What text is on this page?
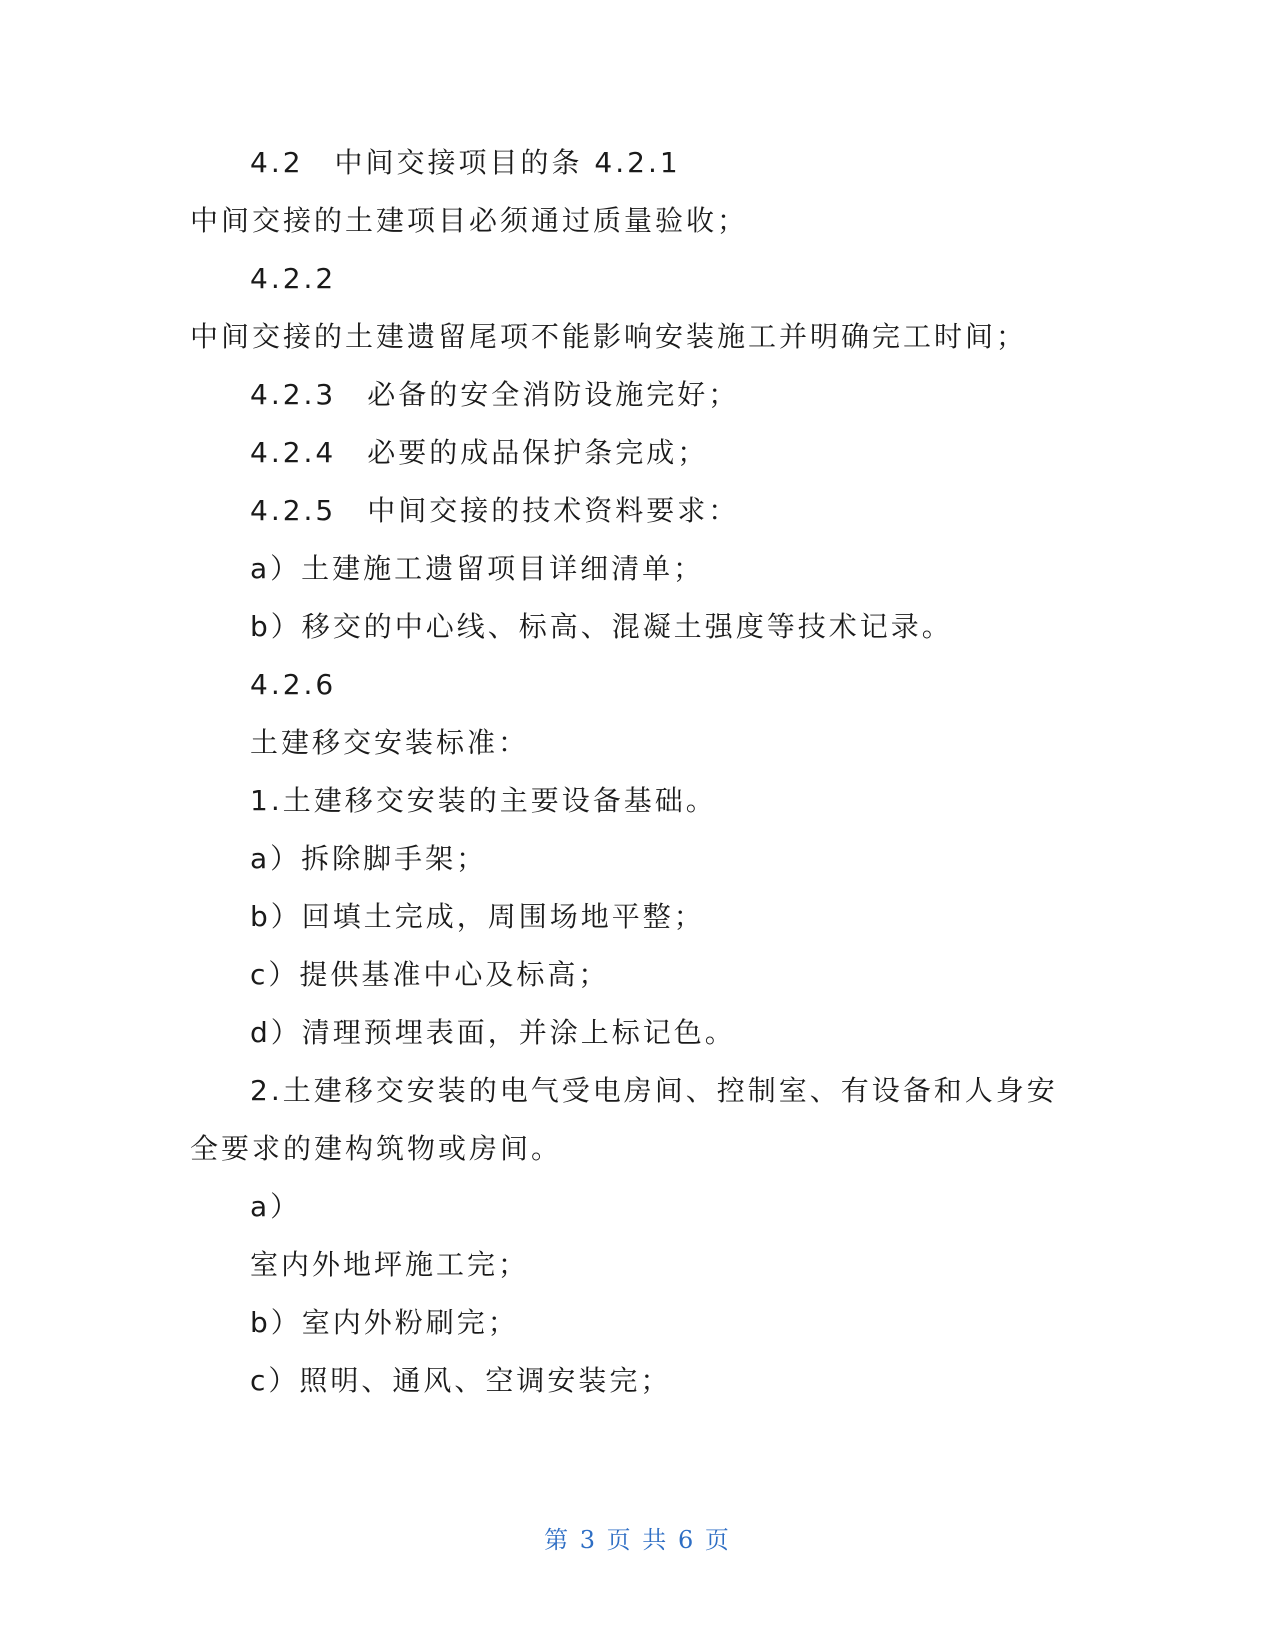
4.2　中间交接项目的条 4.2.1
中间交接的土建项目必须通过质量验收；
4.2.2
中间交接的土建遗留尾项不能影响安装施工并明确完工时间；
4.2.3　必备的安全消防设施完好；
4.2.4　必要的成品保护条完成；
4.2.5　中间交接的技术资料要求：
a）土建施工遗留项目详细清单；
b）移交的中心线、标高、混凝土强度等技术记录。
4.2.6
土建移交安装标准：
1.土建移交安装的主要设备基础。
a）拆除脚手架；
b）回填土完成，周围场地平整；
c）提供基准中心及标高；
d）清理预埋表面，并涂上标记色。
2.土建移交安装的电气受电房间、控制室、有设备和人身安
全要求的建构筑物或房间。
a）
室内外地坪施工完；
b）室内外粉刷完；
c）照明、通风、空调安装完；
第 3 页 共 6 页
